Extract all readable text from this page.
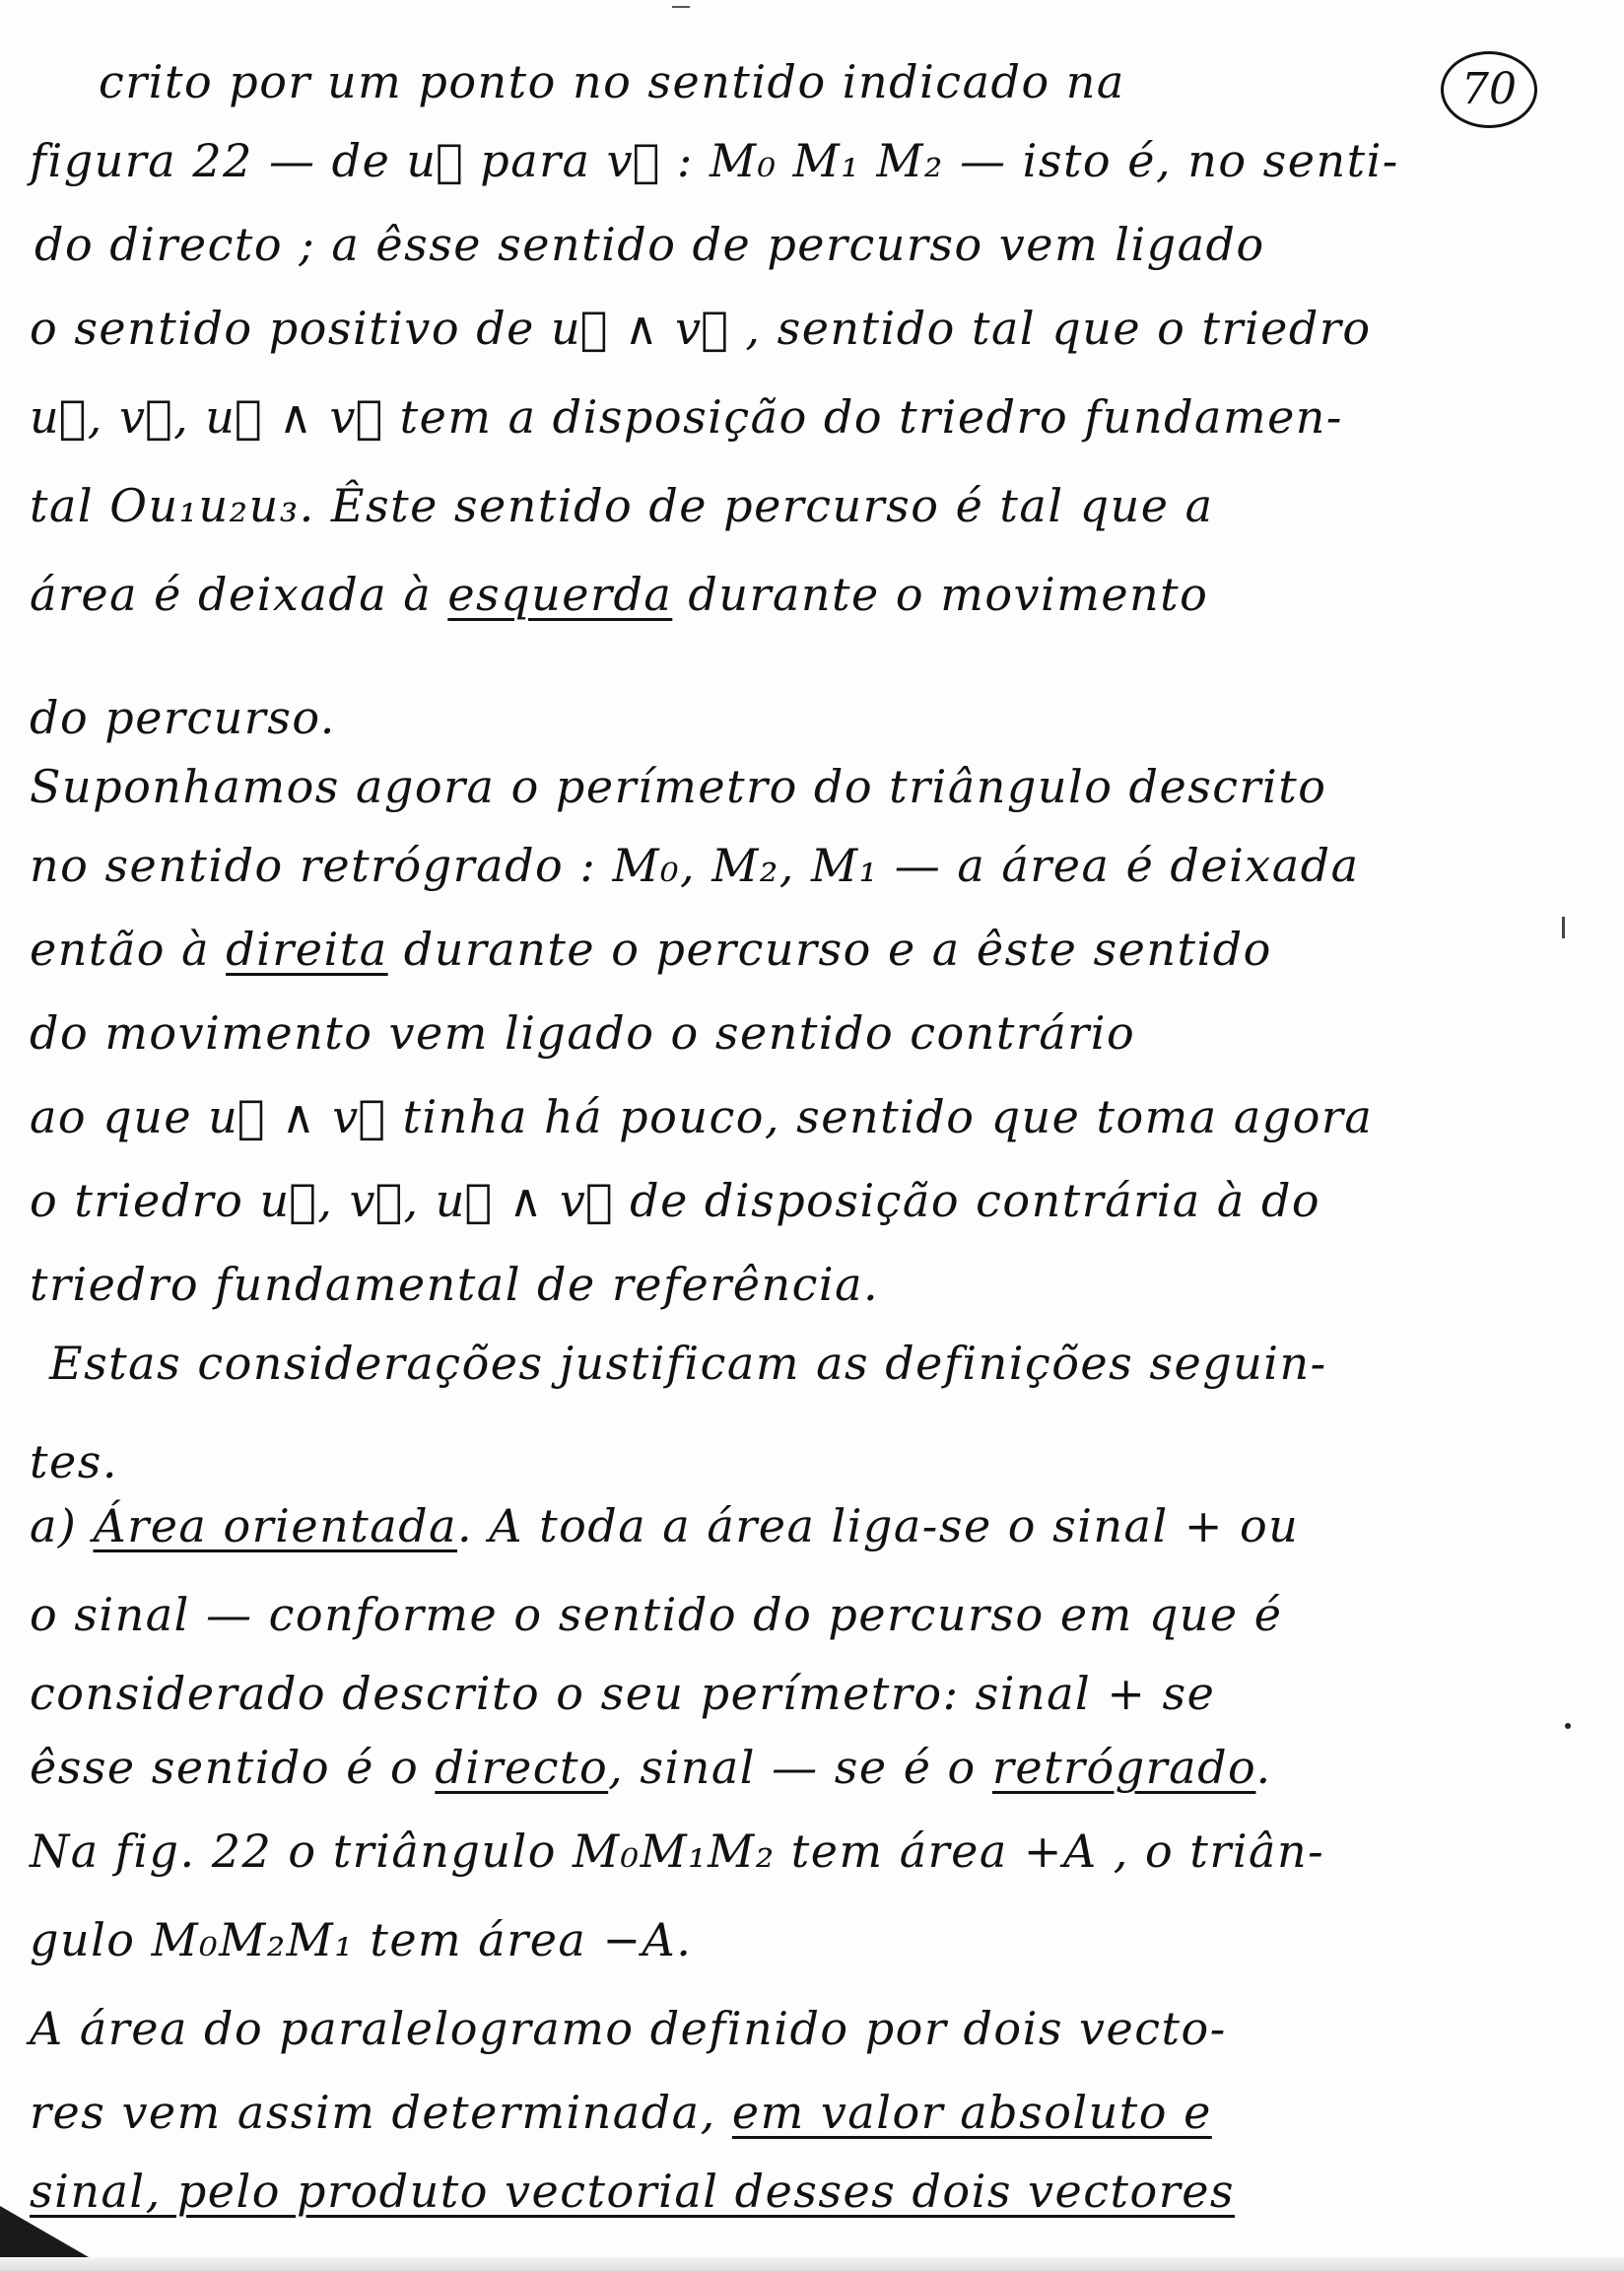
70
crito por um ponto no sentido indicado na
figura 22 — de u⃗ para v⃗ : M₀ M₁ M₂ — isto é, no senti-
do directo ; a êsse sentido de percurso vem ligado
o sentido positivo de u⃗ ∧ v⃗ , sentido tal que o triedro
u⃗, v⃗, u⃗ ∧ v⃗ tem a disposição do triedro fundamen-
tal Ou₁u₂u₃. Êste sentido de percurso é tal que a
área é deixada à esquerda durante o movimento
do percurso.
Suponhamos agora o perímetro do triângulo descrito
no sentido retrógrado : M₀, M₂, M₁ — a área é deixada
então à direita durante o percurso e a êste sentido
do movimento vem ligado o sentido contrário
ao que u⃗ ∧ v⃗ tinha há pouco, sentido que toma agora
o triedro u⃗, v⃗, u⃗ ∧ v⃗ de disposição contrária à do
triedro fundamental de referência.
Estas considerações justificam as definições seguin-
tes.
a) Área orientada. A toda a área liga-se o sinal + ou
o sinal — conforme o sentido do percurso em que é
considerado descrito o seu perímetro: sinal + se
êsse sentido é o directo, sinal — se é o retrógrado.
Na fig. 22 o triângulo M₀M₁M₂ tem área +A , o triân-
gulo M₀M₂M₁ tem área −A.
A área do paralelogramo definido por dois vecto-
res vem assim determinada, em valor absoluto e
sinal, pelo produto vectorial desses dois vectores
